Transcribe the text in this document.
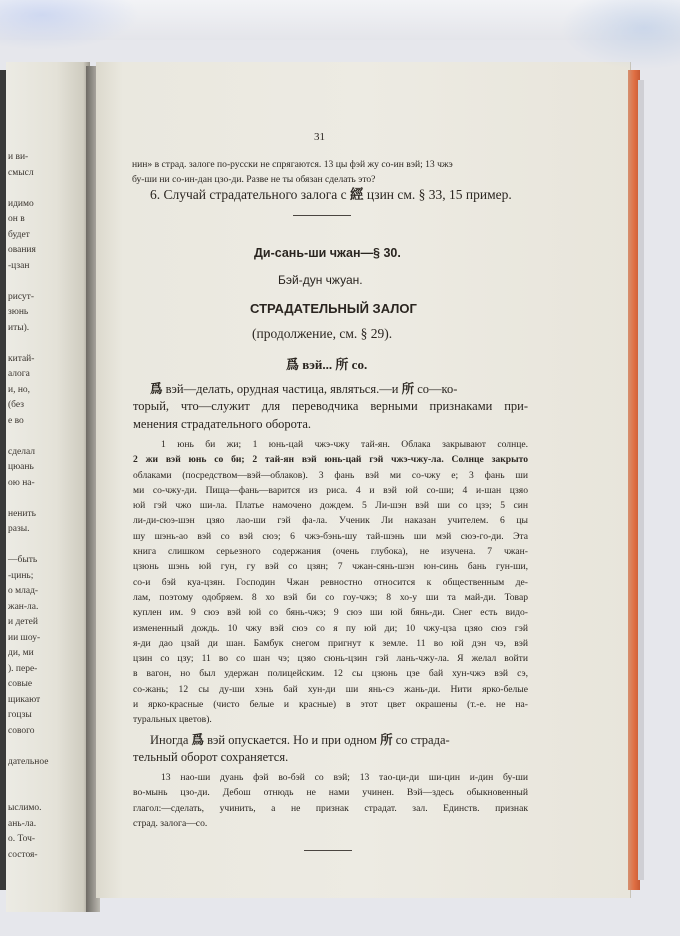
и ви-
смысл
идимо
он в
будет
ования
-цзан
рисут-
зюнь
иты).
китай-
алога
и, но,
(без
е во
сделал
цюань
ою на-
ненить
разы.
—быть
-цинь;
о млад-
жан-ла.
и детей
ии шоу-
ди, ми
). пере-
совые
щикают
гоцзы
сового
дательное
ыслимо.
ань-ла.
о. Точ-
состоя-
31
нин» в страд. залоге по-русски не спрягаются. 13 цы фэй жу со-ин вэй; 13 чжэ
бу-ши ни со-ин-дан цзо-ди. Разве не ты обязан сделать это?
6. Случай страдательного залога с 經 цзин см. § 33, 15 пример.
Ди-сань-ши чжан—§ 30.
Бэй-дун чжуан.
СТРАДАТЕЛЬНЫЙ ЗАЛОГ
(продолжение, см. § 29).
爲 вэй... 所 со.
爲 вэй—делать, орудная частица, являться.—и 所 со—ко-
торый, что—служит для переводчика верными признаками при-
менения страдательного оборота.
1 юнь би жи; 1 юнь-цай чжэ-чжу тай-ян. Облака закрывают солнце.
2 жи вэй юнь со би; 2 тай-ян вэй юнь-цай гэй чжэ-чжу-ла. Солнце закрыто
облаками (посредством—вэй—облаков). 3 фань вэй ми со-чжу е; 3 фань ши
ми со-чжу-ди. Пища—фань—варится из риса. 4 и вэй юй со-ши; 4 и-шан цзяо
юй гэй чжо ши-ла. Платье намочено дождем. 5 Ли-шэн вэй ши со цзэ; 5 син
ли-ди-сюэ-шэн цзяо лао-ши гэй фа-ла. Ученик Ли наказан учителем. 6 цы
шу шэнь-ао вэй со вэй сюэ; 6 чжэ-бэнь-шу тай-шэнь ши мэй сюэ-го-ди. Эта
книга слишком серьезного содержания (очень глубока), не изучена. 7 чжан-
цзюнь шэнь юй гун, гу вэй со цзян; 7 чжан-сянь-шэн юн-синь бань гун-ши,
со-и бэй куа-цзян. Господин Чжан ревностно относится к общественным де-
лам, поэтому одобряем. 8 хо вэй би со гоу-чжэ; 8 хо-у ши та май-ди. Товар
куплен им. 9 сюэ вэй юй со бянь-чжэ; 9 сюэ ши юй бянь-ди. Снег есть видо-
измененный дождь. 10 чжу вэй сюэ со я пу юй ди; 10 чжу-цза цзяо сюэ гэй
я-ди дао цзай ди шан. Бамбук снегом пригнут к земле. 11 во юй дэн чэ, вэй
цзин со цзу; 11 во со шан чэ; цзяо сюнь-цзин гэй лань-чжу-ла. Я желал войти
в вагон, но был удержан полицейским. 12 сы цзюнь цзе бай хун-чжэ вэй сэ,
со-жань; 12 сы ду-ши хэнь бай хун-ди ши янь-сэ жань-ди. Нити ярко-белые
и ярко-красные (чисто белые и красные) в этот цвет окрашены (т.-е. не на-
туральных цветов).
Иногда 爲 вэй опускается. Но и при одном 所 со страда-
тельный оборот сохраняется.
13 нао-ши дуань фэй во-бэй со вэй; 13 тао-ци-ди ши-цин и-дин бу-ши
во-мынь цзо-ди. Дебош отнюдь не нами учинен. Вэй—здесь обыкновенный
глагол:—сделать, учинить, а не признак страдат. зал. Единств. признак
страд. залога—со.
